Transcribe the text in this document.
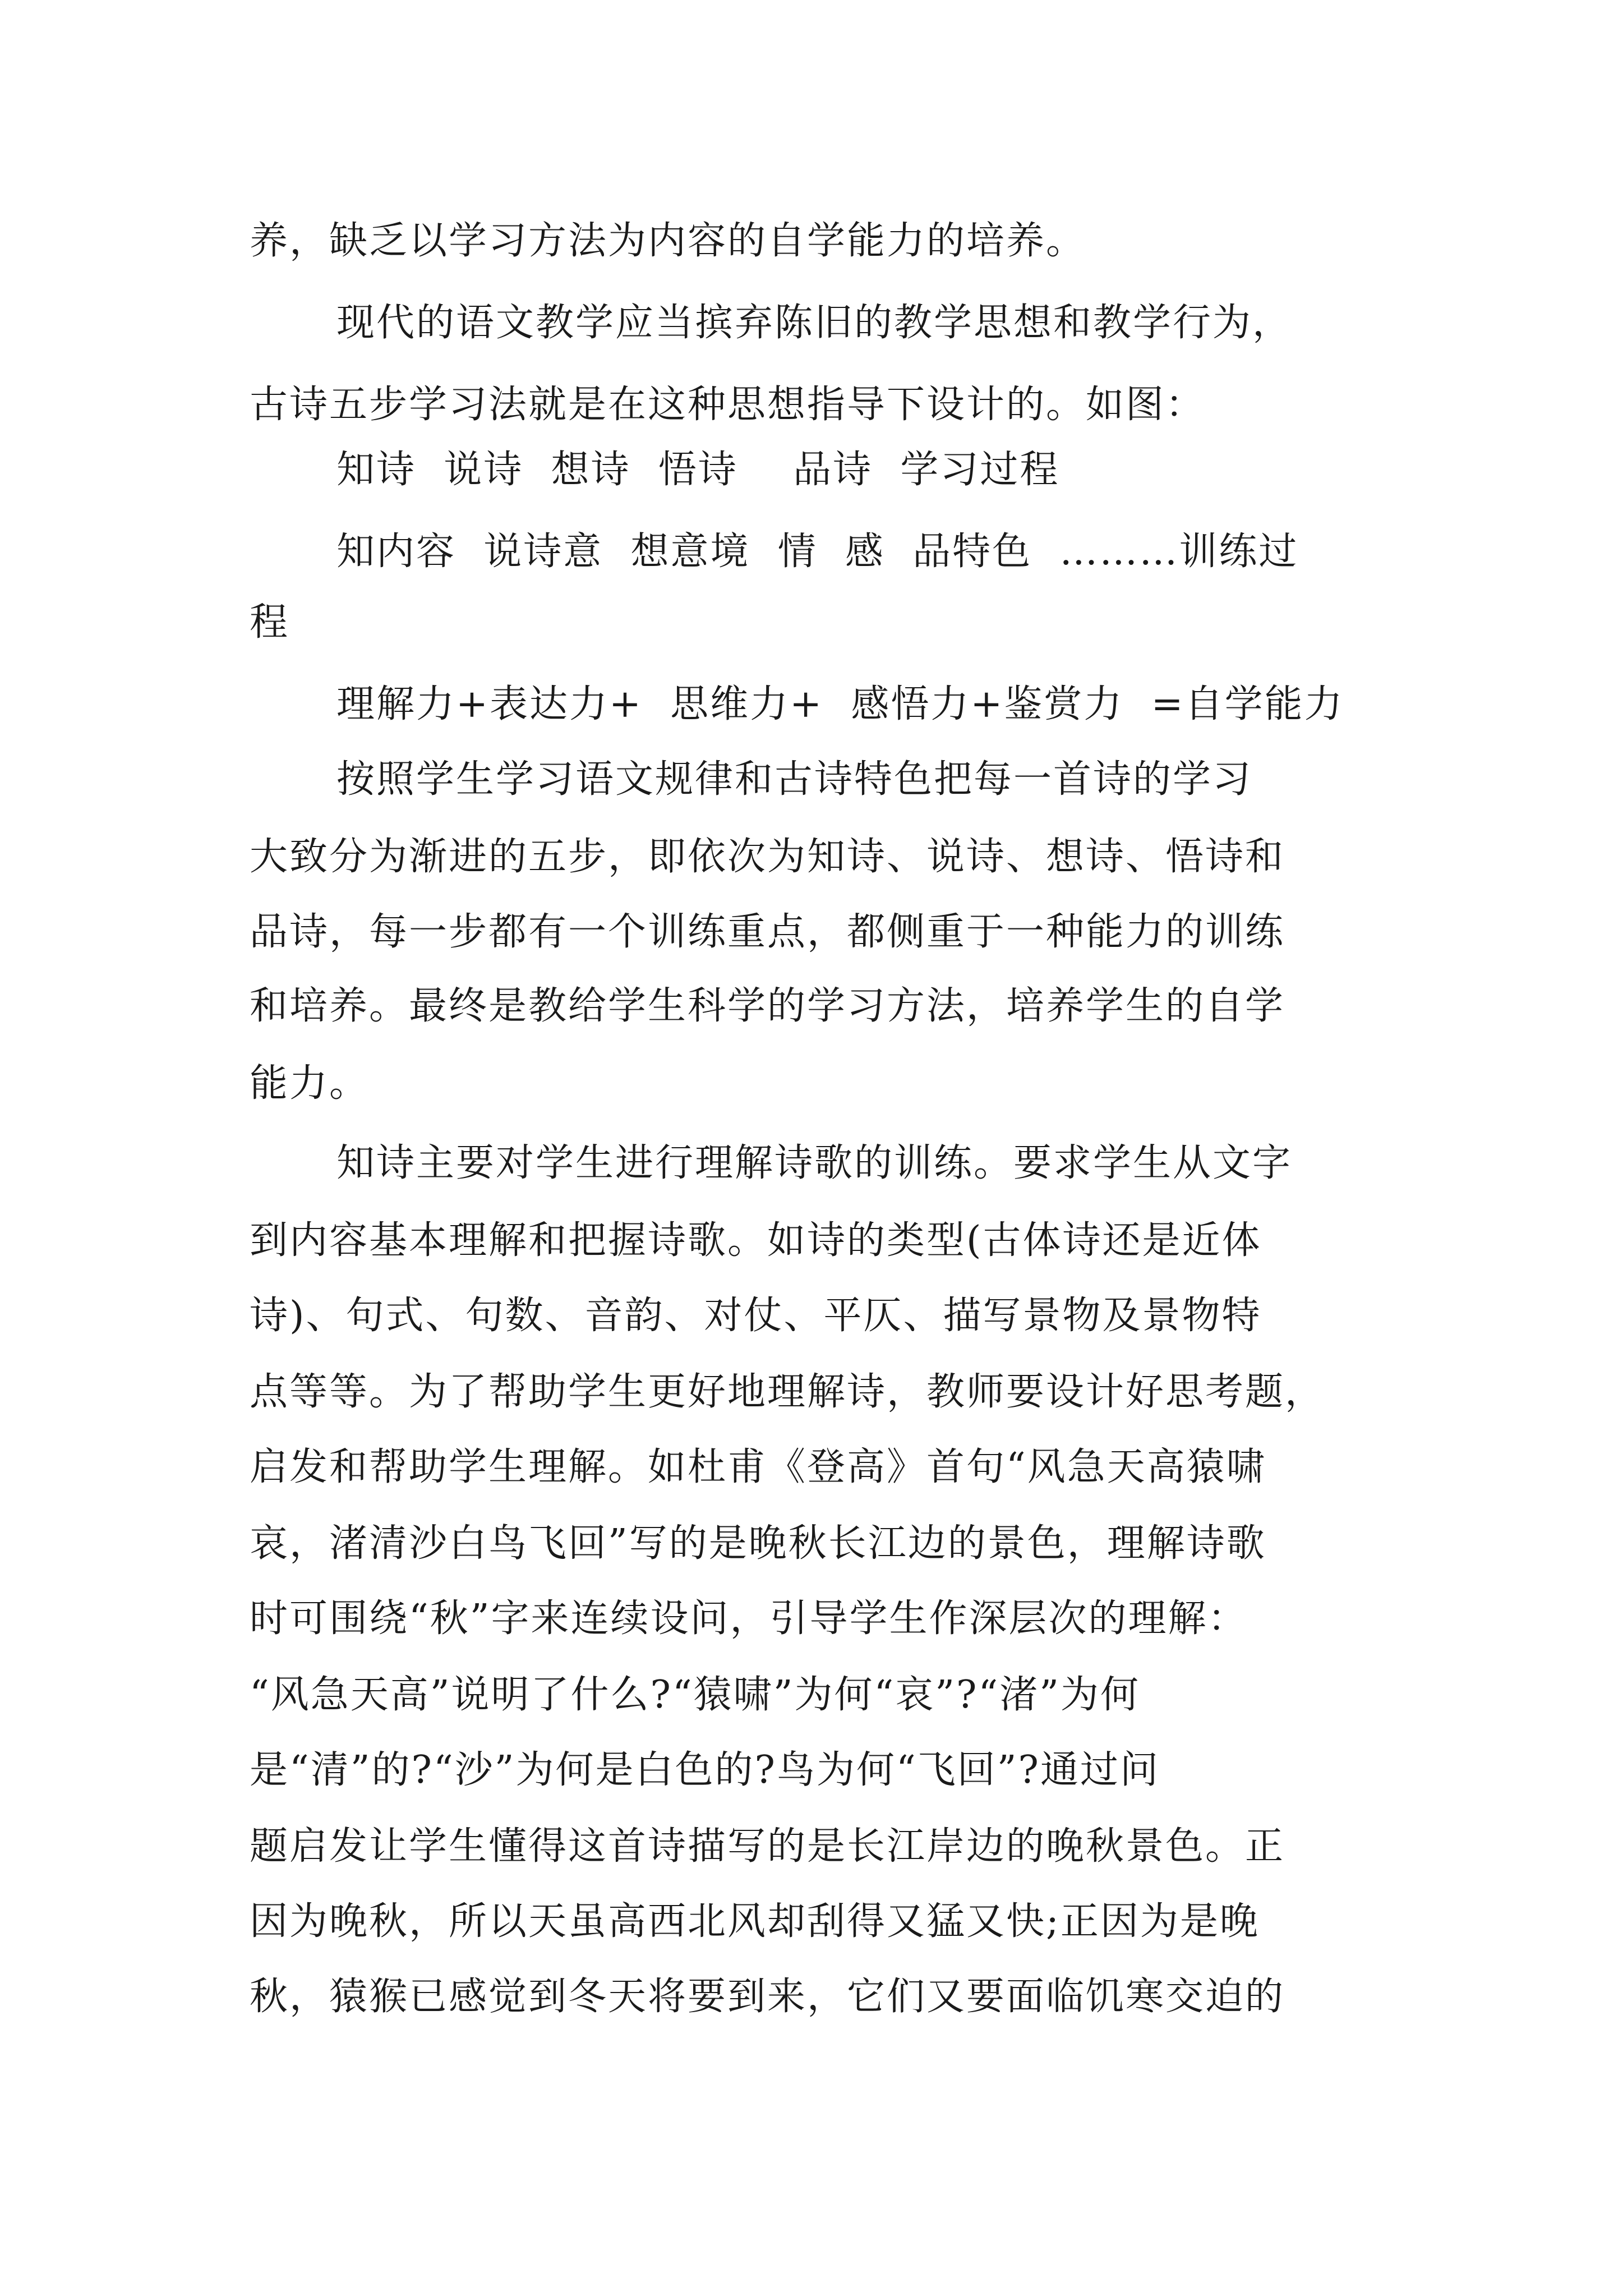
养，缺乏以学习方法为内容的自学能力的培养。
现代的语文教学应当摈弃陈旧的教学思想和教学行为，
古诗五步学习法就是在这种思想指导下设计的。如图：
知诗  说诗  想诗  悟诗    品诗  学习过程
知内容  说诗意  想意境  情  感  品特色  ………训练过
程
理解力+表达力+  思维力+  感悟力+鉴赏力  =自学能力
按照学生学习语文规律和古诗特色把每一首诗的学习
大致分为渐进的五步，即依次为知诗、说诗、想诗、悟诗和
品诗，每一步都有一个训练重点，都侧重于一种能力的训练
和培养。最终是教给学生科学的学习方法，培养学生的自学
能力。
知诗主要对学生进行理解诗歌的训练。要求学生从文字
到内容基本理解和把握诗歌。如诗的类型(古体诗还是近体
诗)、句式、句数、音韵、对仗、平仄、描写景物及景物特
点等等。为了帮助学生更好地理解诗，教师要设计好思考题，
启发和帮助学生理解。如杜甫《登高》首句“风急天高猿啸
哀，渚清沙白鸟飞回”写的是晚秋长江边的景色，理解诗歌
时可围绕“秋”字来连续设问，引导学生作深层次的理解：
“风急天高”说明了什么?“猿啸”为何“哀”?“渚”为何
是“清”的?“沙”为何是白色的?鸟为何“飞回”?通过问
题启发让学生懂得这首诗描写的是长江岸边的晚秋景色。正
因为晚秋，所以天虽高西北风却刮得又猛又快;正因为是晚
秋，猿猴已感觉到冬天将要到来，它们又要面临饥寒交迫的
